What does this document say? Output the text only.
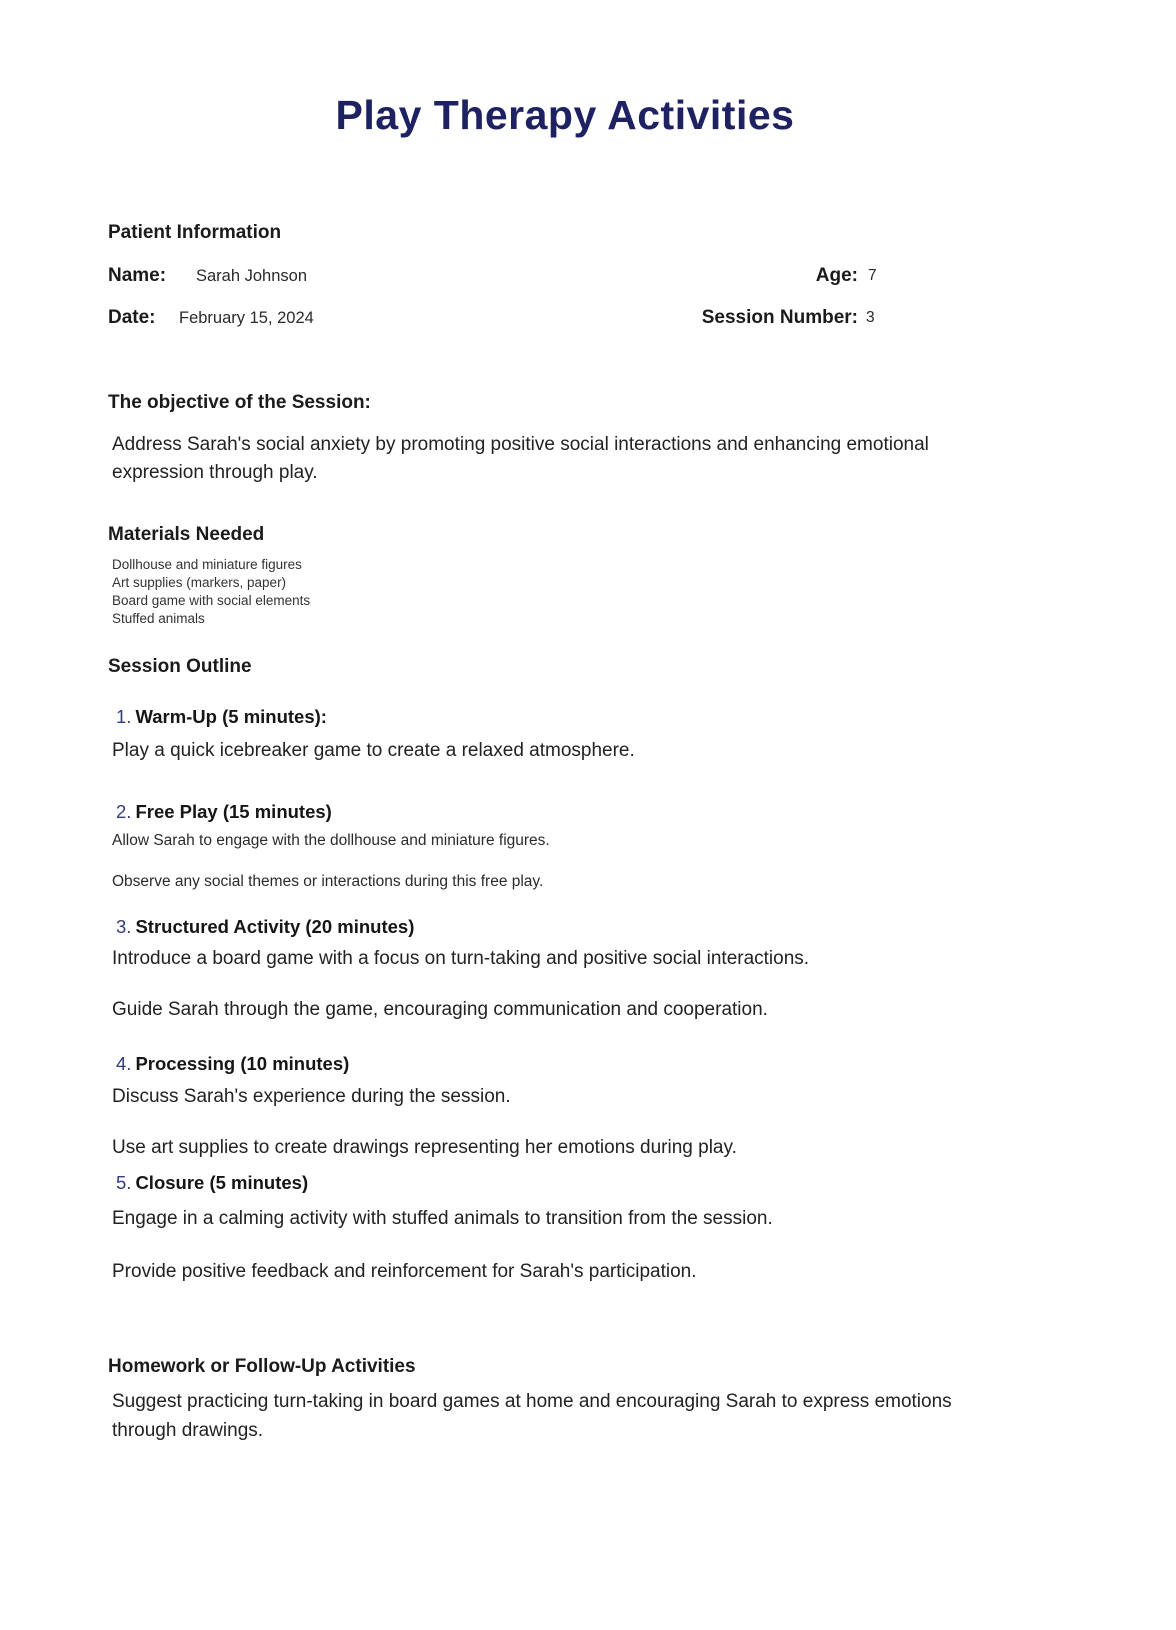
Play Therapy Activities
Patient Information
Name: Sarah Johnson	Age: 7
Date: February 15, 2024	Session Number: 3
The objective of the Session:

Address Sarah's social anxiety by promoting positive social interactions and enhancing emotional expression through play.

Materials Needed
Dollhouse and miniature figures
Art supplies (markers, paper)
Board game with social elements
Stuffed animals
Session Outline
1. Warm-Up (5 minutes):

Play a quick icebreaker game to create a relaxed atmosphere.

2. Free Play (15 minutes)

Allow Sarah to engage with the dollhouse and miniature figures.

Observe any social themes or interactions during this free play.

3. Structured Activity (20 minutes)

Introduce a board game with a focus on turn-taking and positive social interactions.

Guide Sarah through the game, encouraging communication and cooperation.

4. Processing (10 minutes)

Discuss Sarah's experience during the session.

Use art supplies to create drawings representing her emotions during play.

5. Closure (5 minutes)

Engage in a calming activity with stuffed animals to transition from the session.

Provide positive feedback and reinforcement for Sarah's participation.

Homework or Follow-Up Activities

Suggest practicing turn-taking in board games at home and encouraging Sarah to express emotions through drawings.
